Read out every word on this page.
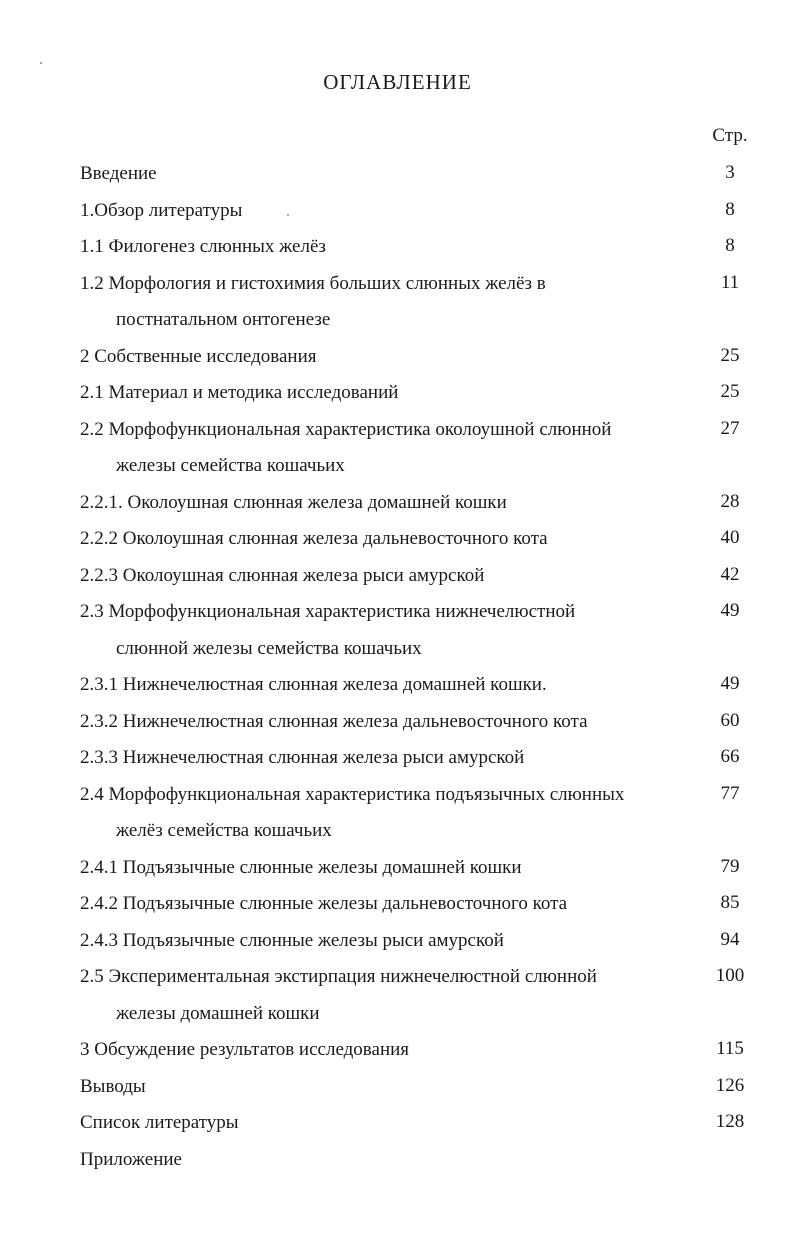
ОГЛАВЛЕНИЕ
Стр.
Введение	3
1.Обзор литературы	8
1.1 Филогенез слюнных желёз	8
1.2 Морфология и гистохимия больших слюнных желёз в	11
постнатальном онтогенезе
2 Собственные исследования	25
2.1 Материал и методика исследований	25
2.2 Морфофункциональная характеристика околоушной слюнной	27
железы семейства кошачьих
2.2.1. Околоушная слюнная железа домашней кошки	28
2.2.2 Околоушная слюнная железа дальневосточного кота	40
2.2.3 Околоушная слюнная железа рыси амурской	42
2.3 Морфофункциональная характеристика нижнечелюстной	49
слюнной железы семейства кошачьих
2.3.1 Нижнечелюстная слюнная железа домашней кошки.	49
2.3.2 Нижнечелюстная слюнная железа дальневосточного кота	60
2.3.3 Нижнечелюстная слюнная железа рыси амурской	66
2.4 Морфофункциональная характеристика подъязычных слюнных	77
желёз семейства кошачьих
2.4.1 Подъязычные слюнные железы домашней кошки	79
2.4.2 Подъязычные слюнные железы дальневосточного кота	85
2.4.3 Подъязычные слюнные железы рыси амурской	94
2.5 Экспериментальная экстирпация нижнечелюстной слюнной	100
железы домашней кошки
3 Обсуждение результатов исследования	115
Выводы	126
Список литературы	128
Приложение
